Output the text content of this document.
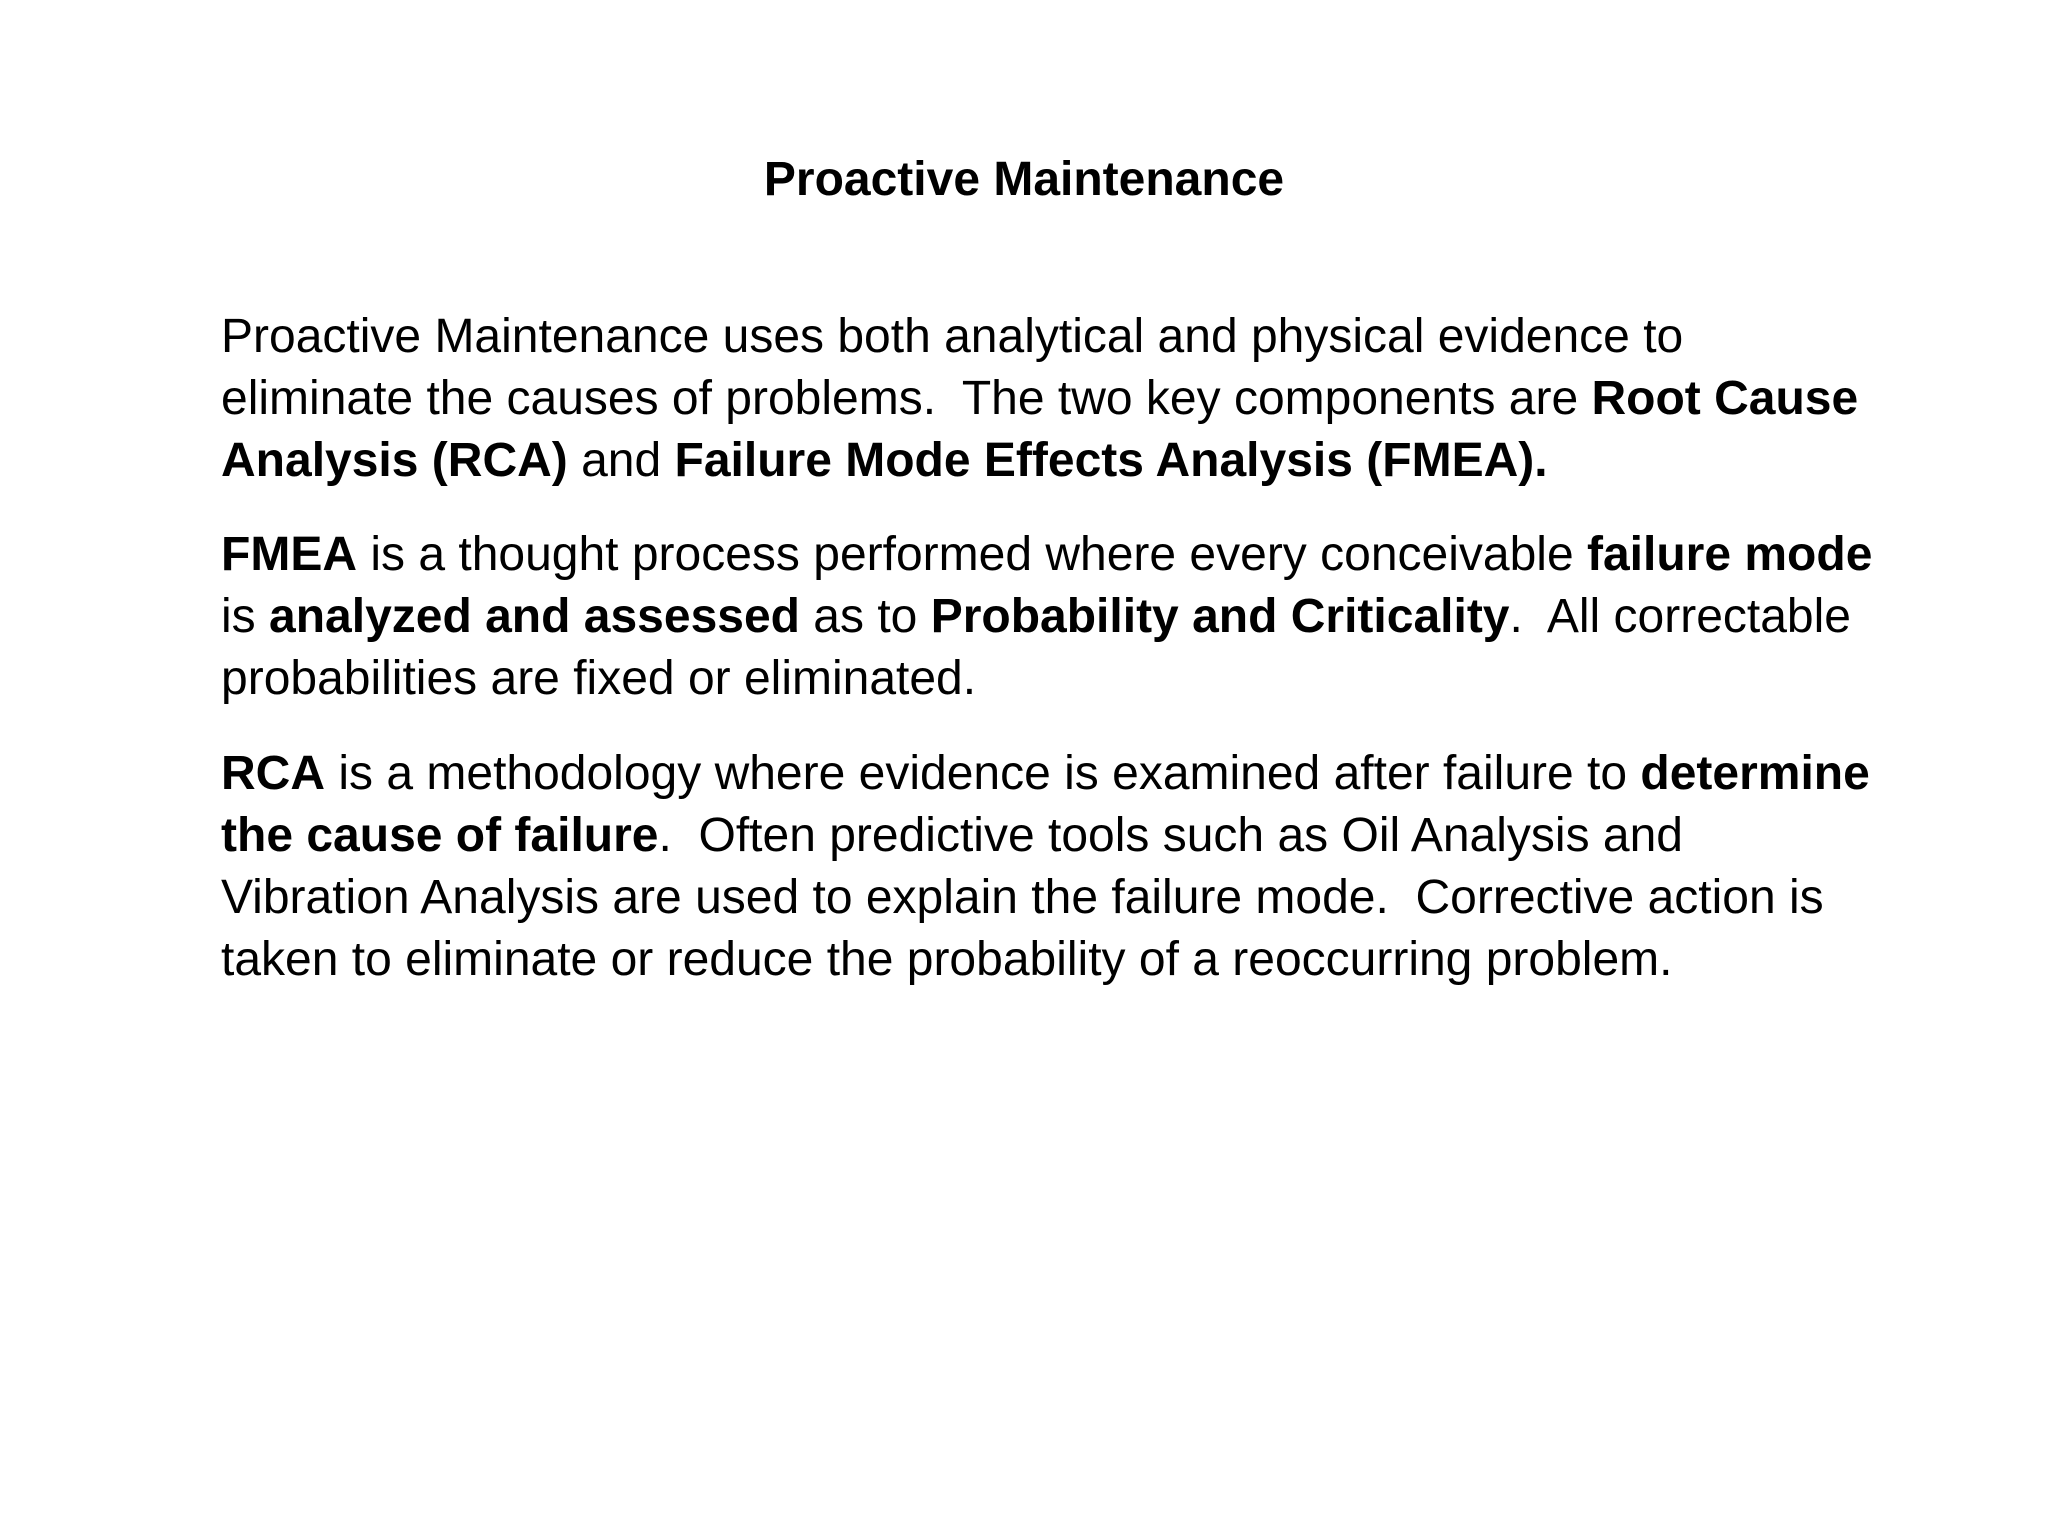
Proactive Maintenance

Proactive Maintenance uses both analytical and physical evidence to

eliminate the causes of problems.  The two key components are Root Cause

Analysis (RCA) and Failure Mode Effects Analysis (FMEA).

FMEA is a thought process performed where every conceivable failure mode

is analyzed and assessed as to Probability and Criticality.  All correctable

probabilities are fixed or eliminated.

RCA is a methodology where evidence is examined after failure to determine

the cause of failure.  Often predictive tools such as Oil Analysis and

Vibration Analysis are used to explain the failure mode.  Corrective action is

taken to eliminate or reduce the probability of a reoccurring problem.
